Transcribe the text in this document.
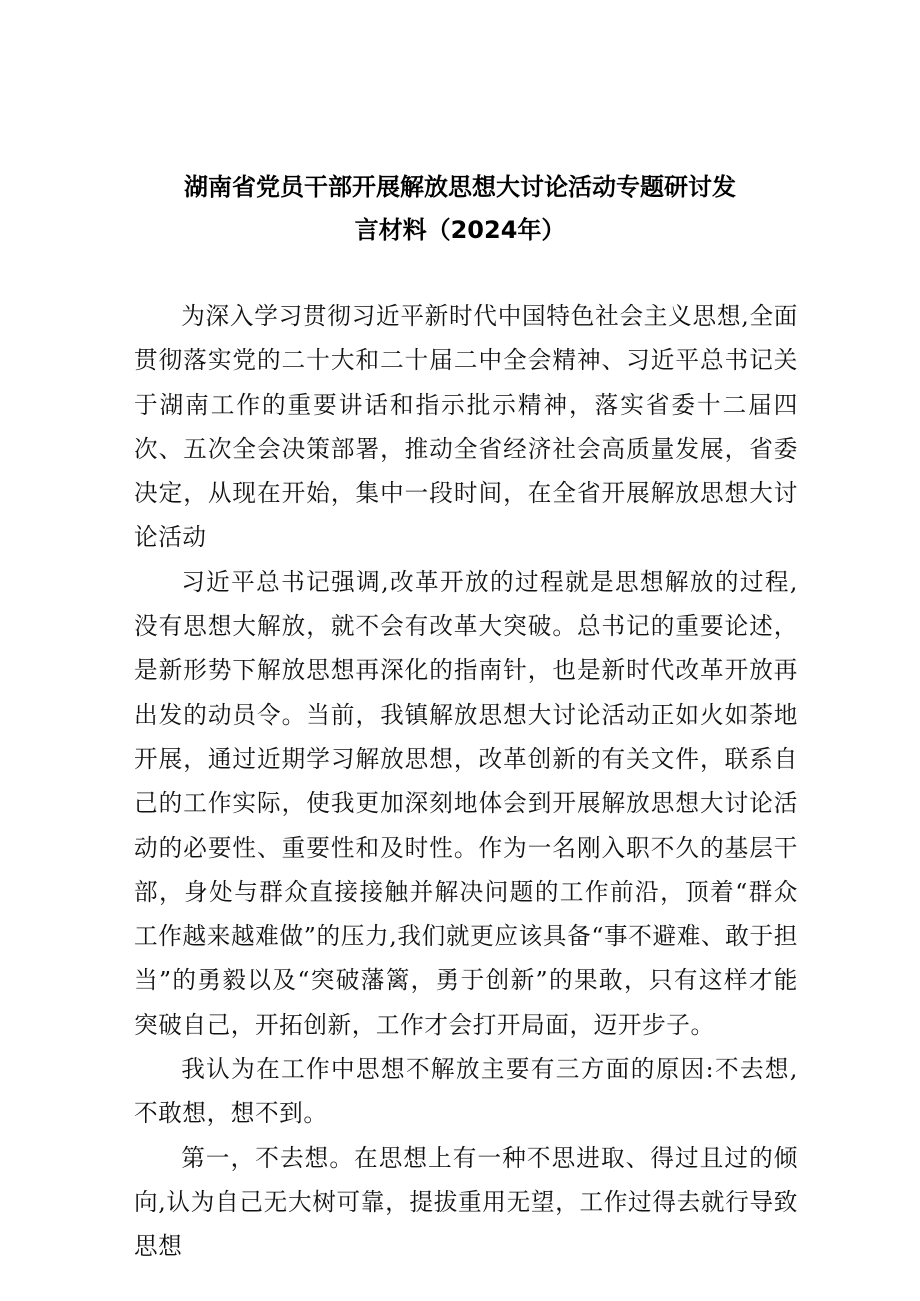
湖南省党员干部开展解放思想大讨论活动专题研讨发
言材料（2024年）

为深入学习贯彻习近平新时代中国特色社会主义思想,全面贯彻落实党的二十大和二十届二中全会精神、习近平总书记关于湖南工作的重要讲话和指示批示精神，落实省委十二届四次、五次全会决策部署，推动全省经济社会高质量发展，省委决定，从现在开始，集中一段时间，在全省开展解放思想大讨论活动

习近平总书记强调,改革开放的过程就是思想解放的过程,没有思想大解放，就不会有改革大突破。总书记的重要论述，是新形势下解放思想再深化的指南针，也是新时代改革开放再出发的动员令。当前，我镇解放思想大讨论活动正如火如荼地开展，通过近期学习解放思想，改革创新的有关文件，联系自己的工作实际，使我更加深刻地体会到开展解放思想大讨论活动的必要性、重要性和及时性。作为一名刚入职不久的基层干部，身处与群众直接接触并解决问题的工作前沿，顶着“群众工作越来越难做”的压力,我们就更应该具备“事不避难、敢于担当”的勇毅以及“突破藩篱，勇于创新”的果敢，只有这样才能突破自己，开拓创新，工作才会打开局面，迈开步子。

我认为在工作中思想不解放主要有三方面的原因:不去想,不敢想，想不到。

第一，不去想。在思想上有一种不思进取、得过且过的倾向,认为自己无大树可靠，提拔重用无望，工作过得去就行导致思想
